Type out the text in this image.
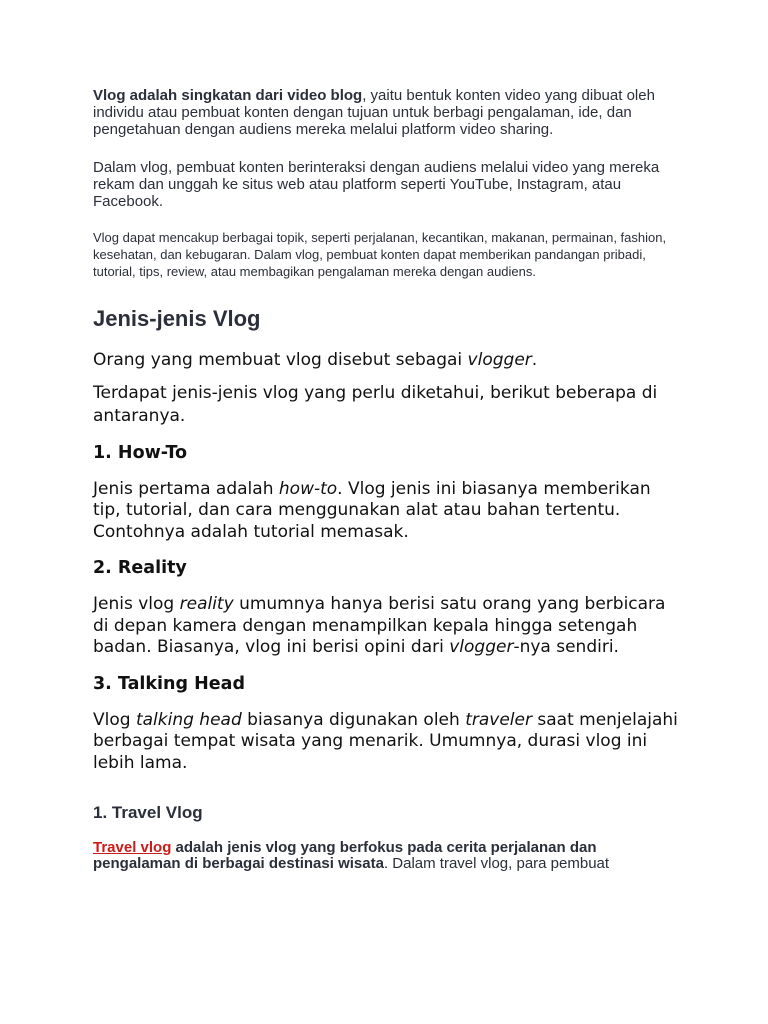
Vlog adalah singkatan dari video blog, yaitu bentuk konten video yang dibuat oleh individu atau pembuat konten dengan tujuan untuk berbagi pengalaman, ide, dan pengetahuan dengan audiens mereka melalui platform video sharing.

Dalam vlog, pembuat konten berinteraksi dengan audiens melalui video yang mereka rekam dan unggah ke situs web atau platform seperti YouTube, Instagram, atau Facebook.

Vlog dapat mencakup berbagai topik, seperti perjalanan, kecantikan, makanan, permainan, fashion, kesehatan, dan kebugaran. Dalam vlog, pembuat konten dapat memberikan pandangan pribadi, tutorial, tips, review, atau membagikan pengalaman mereka dengan audiens.

Jenis-jenis Vlog

Orang yang membuat vlog disebut sebagai vlogger.

Terdapat jenis-jenis vlog yang perlu diketahui, berikut beberapa di antaranya.

1. How-To

Jenis pertama adalah how-to. Vlog jenis ini biasanya memberikan tip, tutorial, dan cara menggunakan alat atau bahan tertentu. Contohnya adalah tutorial memasak.

2. Reality

Jenis vlog reality umumnya hanya berisi satu orang yang berbicara di depan kamera dengan menampilkan kepala hingga setengah badan. Biasanya, vlog ini berisi opini dari vlogger-nya sendiri.

3. Talking Head

Vlog talking head biasanya digunakan oleh traveler saat menjelajahi berbagai tempat wisata yang menarik. Umumnya, durasi vlog ini lebih lama.

1. Travel Vlog

Travel vlog adalah jenis vlog yang berfokus pada cerita perjalanan dan pengalaman di berbagai destinasi wisata. Dalam travel vlog, para pembuat
